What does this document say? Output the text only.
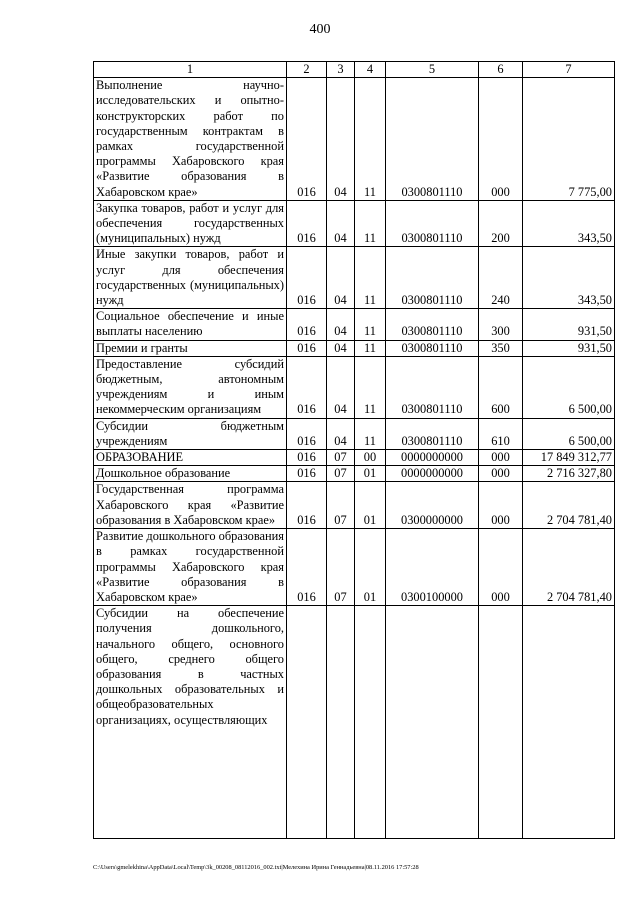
400
1	2	3	4	5	6	7
Выполнение научно-исследовательских и опытно-конструкторских работ по государственным контрактам в рамках государственной программы Хабаровского края «Развитие образования в Хабаровском крае»	016	04	11	0300801110	000	7 775,00
Закупка товаров, работ и услуг для обеспечения государственных (муниципальных) нужд	016	04	11	0300801110	200	343,50
Иные закупки товаров, работ и услуг для обеспечения государственных (муниципальных) нужд	016	04	11	0300801110	240	343,50
Социальное обеспечение и иные выплаты населению	016	04	11	0300801110	300	931,50
Премии и гранты	016	04	11	0300801110	350	931,50
Предоставление субсидий бюджетным, автономным учреждениям и иным некоммерческим организациям	016	04	11	0300801110	600	6 500,00
Субсидии бюджетным учреждениям	016	04	11	0300801110	610	6 500,00
ОБРАЗОВАНИЕ	016	07	00	0000000000	000	17 849 312,77
Дошкольное образование	016	07	01	0000000000	000	2 716 327,80
Государственная программа Хабаровского края «Развитие образования в Хабаровском крае»	016	07	01	0300000000	000	2 704 781,40
Развитие дошкольного образования в рамках государственной программы Хабаровского края «Развитие образования в Хабаровском крае»	016	07	01	0300100000	000	2 704 781,40
Субсидии на обеспечение получения дошкольного, начального общего, основного общего, среднего общего образования в частных дошкольных образовательных и общеобразовательных организациях, осуществляющих						
C:\Users\gmelekhina\AppData\Local\Temp\3k_00208_08112016_002.txt|Мелехина Ирина Геннадьевна|08.11.2016 17:57:28
